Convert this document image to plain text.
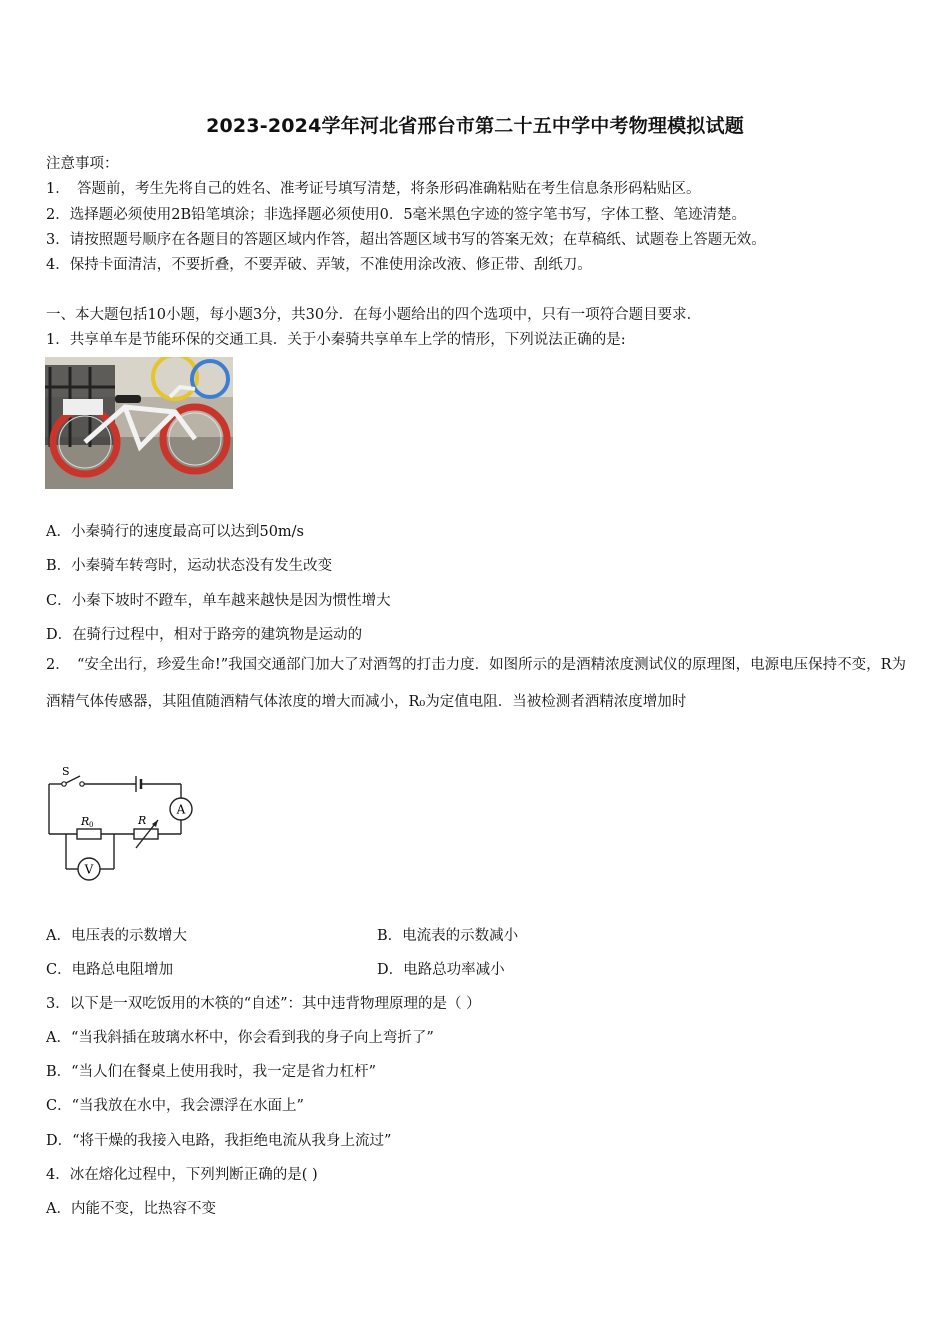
2023-2024学年河北省邢台市第二十五中学中考物理模拟试题
注意事项：
1．　答题前，考生先将自己的姓名、准考证号填写清楚，将条形码准确粘贴在考生信息条形码粘贴区。
2．选择题必须使用2B铅笔填涂；非选择题必须使用0．5毫米黑色字迹的签字笔书写，字体工整、笔迹清楚。
3．请按照题号顺序在各题目的答题区域内作答，超出答题区域书写的答案无效；在草稿纸、试题卷上答题无效。
4．保持卡面清洁，不要折叠，不要弄破、弄皱，不准使用涂改液、修正带、刮纸刀。
一、本大题包括10小题，每小题3分，共30分．在每小题给出的四个选项中，只有一项符合题目要求．
1．共享单车是节能环保的交通工具．关于小秦骑共享单车上学的情形，下列说法正确的是:
A．小秦骑行的速度最高可以达到50m/s
B．小秦骑车转弯时，运动状态没有发生改变
C．小秦下坡时不蹬车，单车越来越快是因为惯性增大
D．在骑行过程中，相对于路旁的建筑物是运动的
2．　“安全出行，珍爱生命!”我国交通部门加大了对酒驾的打击力度．如图所示的是酒精浓度测试仪的原理图，电源电压保持不变，R为酒精气体传感器，其阻值随酒精气体浓度的增大而减小，R₀为定值电阻．当被检测者酒精浓度增加时
S
A
V
R 0	R
A．电压表的示数增大	B．电流表的示数减小
C．电路总电阻增加	D．电路总功率减小
3．以下是一双吃饭用的木筷的“自述”：其中违背物理原理的是（ ）
A．“当我斜插在玻璃水杯中，你会看到我的身子向上弯折了”
B．“当人们在餐桌上使用我时，我一定是省力杠杆”
C．“当我放在水中，我会漂浮在水面上”
D．“将干燥的我接入电路，我拒绝电流从我身上流过”
4．冰在熔化过程中，下列判断正确的是( )
A．内能不变，比热容不变
